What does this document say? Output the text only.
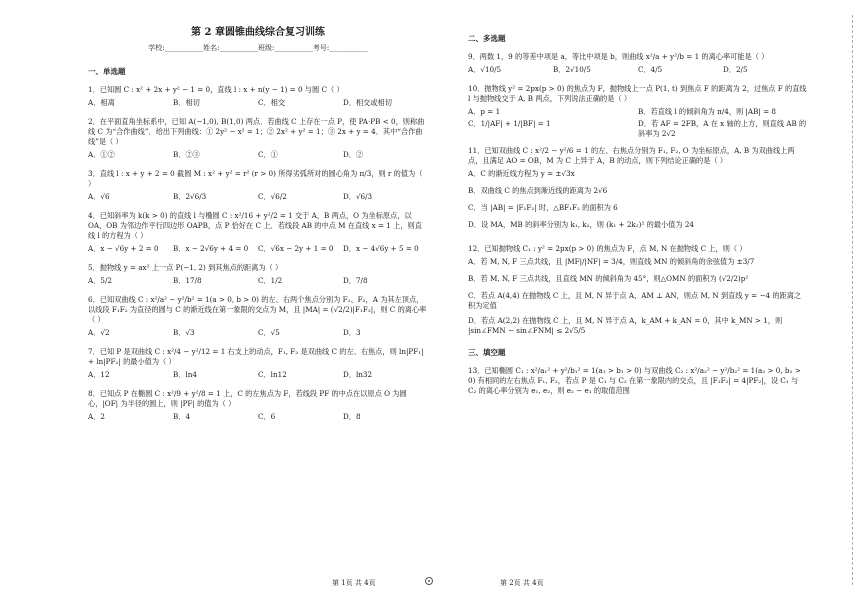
第 2 章圆锥曲线综合复习训练
学校:___________姓名:___________班级:___________考号:___________
一、单选题
1．已知圆 C : x² + 2x + y² − 1 = 0，直线 l : x + n(y − 1) = 0 与圆 C（ ）
A．相离	B．相切	C．相交	D．相交或相切
2．在平面直角坐标系中，已知 A(−1,0), B(1,0) 两点．若曲线 C 上存在一点 P，使 PA·PB < 0，则称曲线 C 为“合作曲线”．给出下列曲线：① 2y² − x² = 1；② 2x² + y² = 1；③ 2x + y = 4．其中“合作曲线”是（ ）
A．①②	B．②③	C．①	D．②
3．直线 l : x + y + 2 = 0 截圆 M : x² + y² = r² (r > 0) 所得劣弧所对的圆心角为 π/3，则 r 的值为（ ）
A．√6	B．2√6/3	C．√6/2	D．√6/3
4．已知斜率为 k(k > 0) 的直线 l 与椭圆 C : x²/16 + y²/2 = 1 交于 A，B 两点，O 为坐标原点，以 OA，OB 为邻边作平行四边形 OAPB，点 P 恰好在 C 上．若线段 AB 的中点 M 在直线 x = 1 上，则直线 l 的方程为（ ）
A．x − √6y + 2 = 0	B．x − 2√6y + 4 = 0	C．√6x − 2y + 1 = 0	D．x − 4√6y + 5 = 0
5．抛物线 y = ax² 上一点 P(−1, 2) 到其焦点的距离为（ ）
A．5/2	B．17/8	C．1/2	D．7/8
6．已知双曲线 C : x²/a² − y²/b² = 1(a > 0, b > 0) 的左、右两个焦点分别为 F₁、F₂，A 为其左顶点，以线段 F₁F₂ 为直径的圆与 C 的渐近线在第一象限的交点为 M，且 |MA| = (√2/2)|F₁F₂|，则 C 的离心率（ ）
A．√2	B．√3	C．√5	D．3
7．已知 P 是双曲线 C : x²/4 − y²/12 = 1 右支上的动点，F₁, F₂ 是双曲线 C 的左、右焦点，则 ln|PF₁| + ln|PF₂| 的最小值为（ ）
A．12	B．ln4	C．ln12	D．ln32
8．已知点 P 在椭圆 C : x²/9 + y²/8 = 1 上，C 的左焦点为 F，若线段 PF 的中点在以原点 O 为圆心，|OF| 为半径的圆上，则 |PF| 的值为（ ）
A．2	B．4	C．6	D．8
二、多选题
9．两数 1，9 的等差中项是 a，等比中项是 b，则曲线 x²/a + y²/b = 1 的离心率可能是（ ）
A．√10/5	B．2√10/5	C．4/5	D．2/5
10．抛物线 y² = 2px(p > 0) 的焦点为 F，抛物线上一点 P(1, t) 到焦点 F 的距离为 2，过焦点 F 的直线 l 与抛物线交于 A, B 两点，下列说法正确的是（ ）
A．p = 1	B．若直线 l 的倾斜角为 π/4，则 |AB| = 8
C．1/|AF| + 1/|BF| = 1	D．若 AF = 2FB，A 在 x 轴的上方，则直线 AB 的斜率为 2√2
11．已知双曲线 C : x²/2 − y²/6 = 1 的左、右焦点分别为 F₁, F₂, O 为坐标原点，A, B 为双曲线上两点，且满足 AO = OB，M 为 C 上异于 A，B 的动点，则下列结论正确的是（ ）
A．C 的渐近线方程为 y = ±√3x
B．双曲线 C 的焦点到渐近线的距离为 2√6
C．当 |AB| = |F₁F₂| 时，△BF₁F₂ 的面积为 6
D．设 MA，MB 的斜率分别为 k₁, k₂，则 (k₁ + 2k₂)² 的最小值为 24
12．已知抛物线 C₁ : y² = 2px(p > 0) 的焦点为 F，点 M, N 在抛物线 C 上，则（ ）
A．若 M, N, F 三点共线，且 |MF|/|NF| = 3/4，则直线 MN 的倾斜角的余弦值为 ±3/7
B．若 M, N, F 三点共线，且直线 MN 的倾斜角为 45°，则△OMN 的面积为 (√2/2)p²
C．若点 A(4,4) 在抛物线 C 上，且 M, N 异于点 A，AM ⊥ AN，则点 M, N 到直线 y = −4 的距离之积为定值
D．若点 A(2,2) 在抛物线 C 上，且 M, N 异于点 A，k_AM + k_AN = 0，其中 k_MN > 1，则 |sin∠FMN − sin∠FNM| ≤ 2√5/5
三、填空题
13．已知椭圆 C₁ : x²/a₁² + y²/b₁² = 1(a₁ > b₁ > 0) 与双曲线 C₂ : x²/a₂² − y²/b₂² = 1(a₂ > 0, b₂ > 0) 有相同的左右焦点 F₁, F₂，若点 P 是 C₁ 与 C₂ 在第一象限内的交点，且 |F₁F₂| = 4|PF₂|，设 C₁ 与 C₂ 的离心率分别为 e₁, e₂，则 e₂ − e₁ 的取值范围
第 1页 共 4页	第 2页 共 4页
